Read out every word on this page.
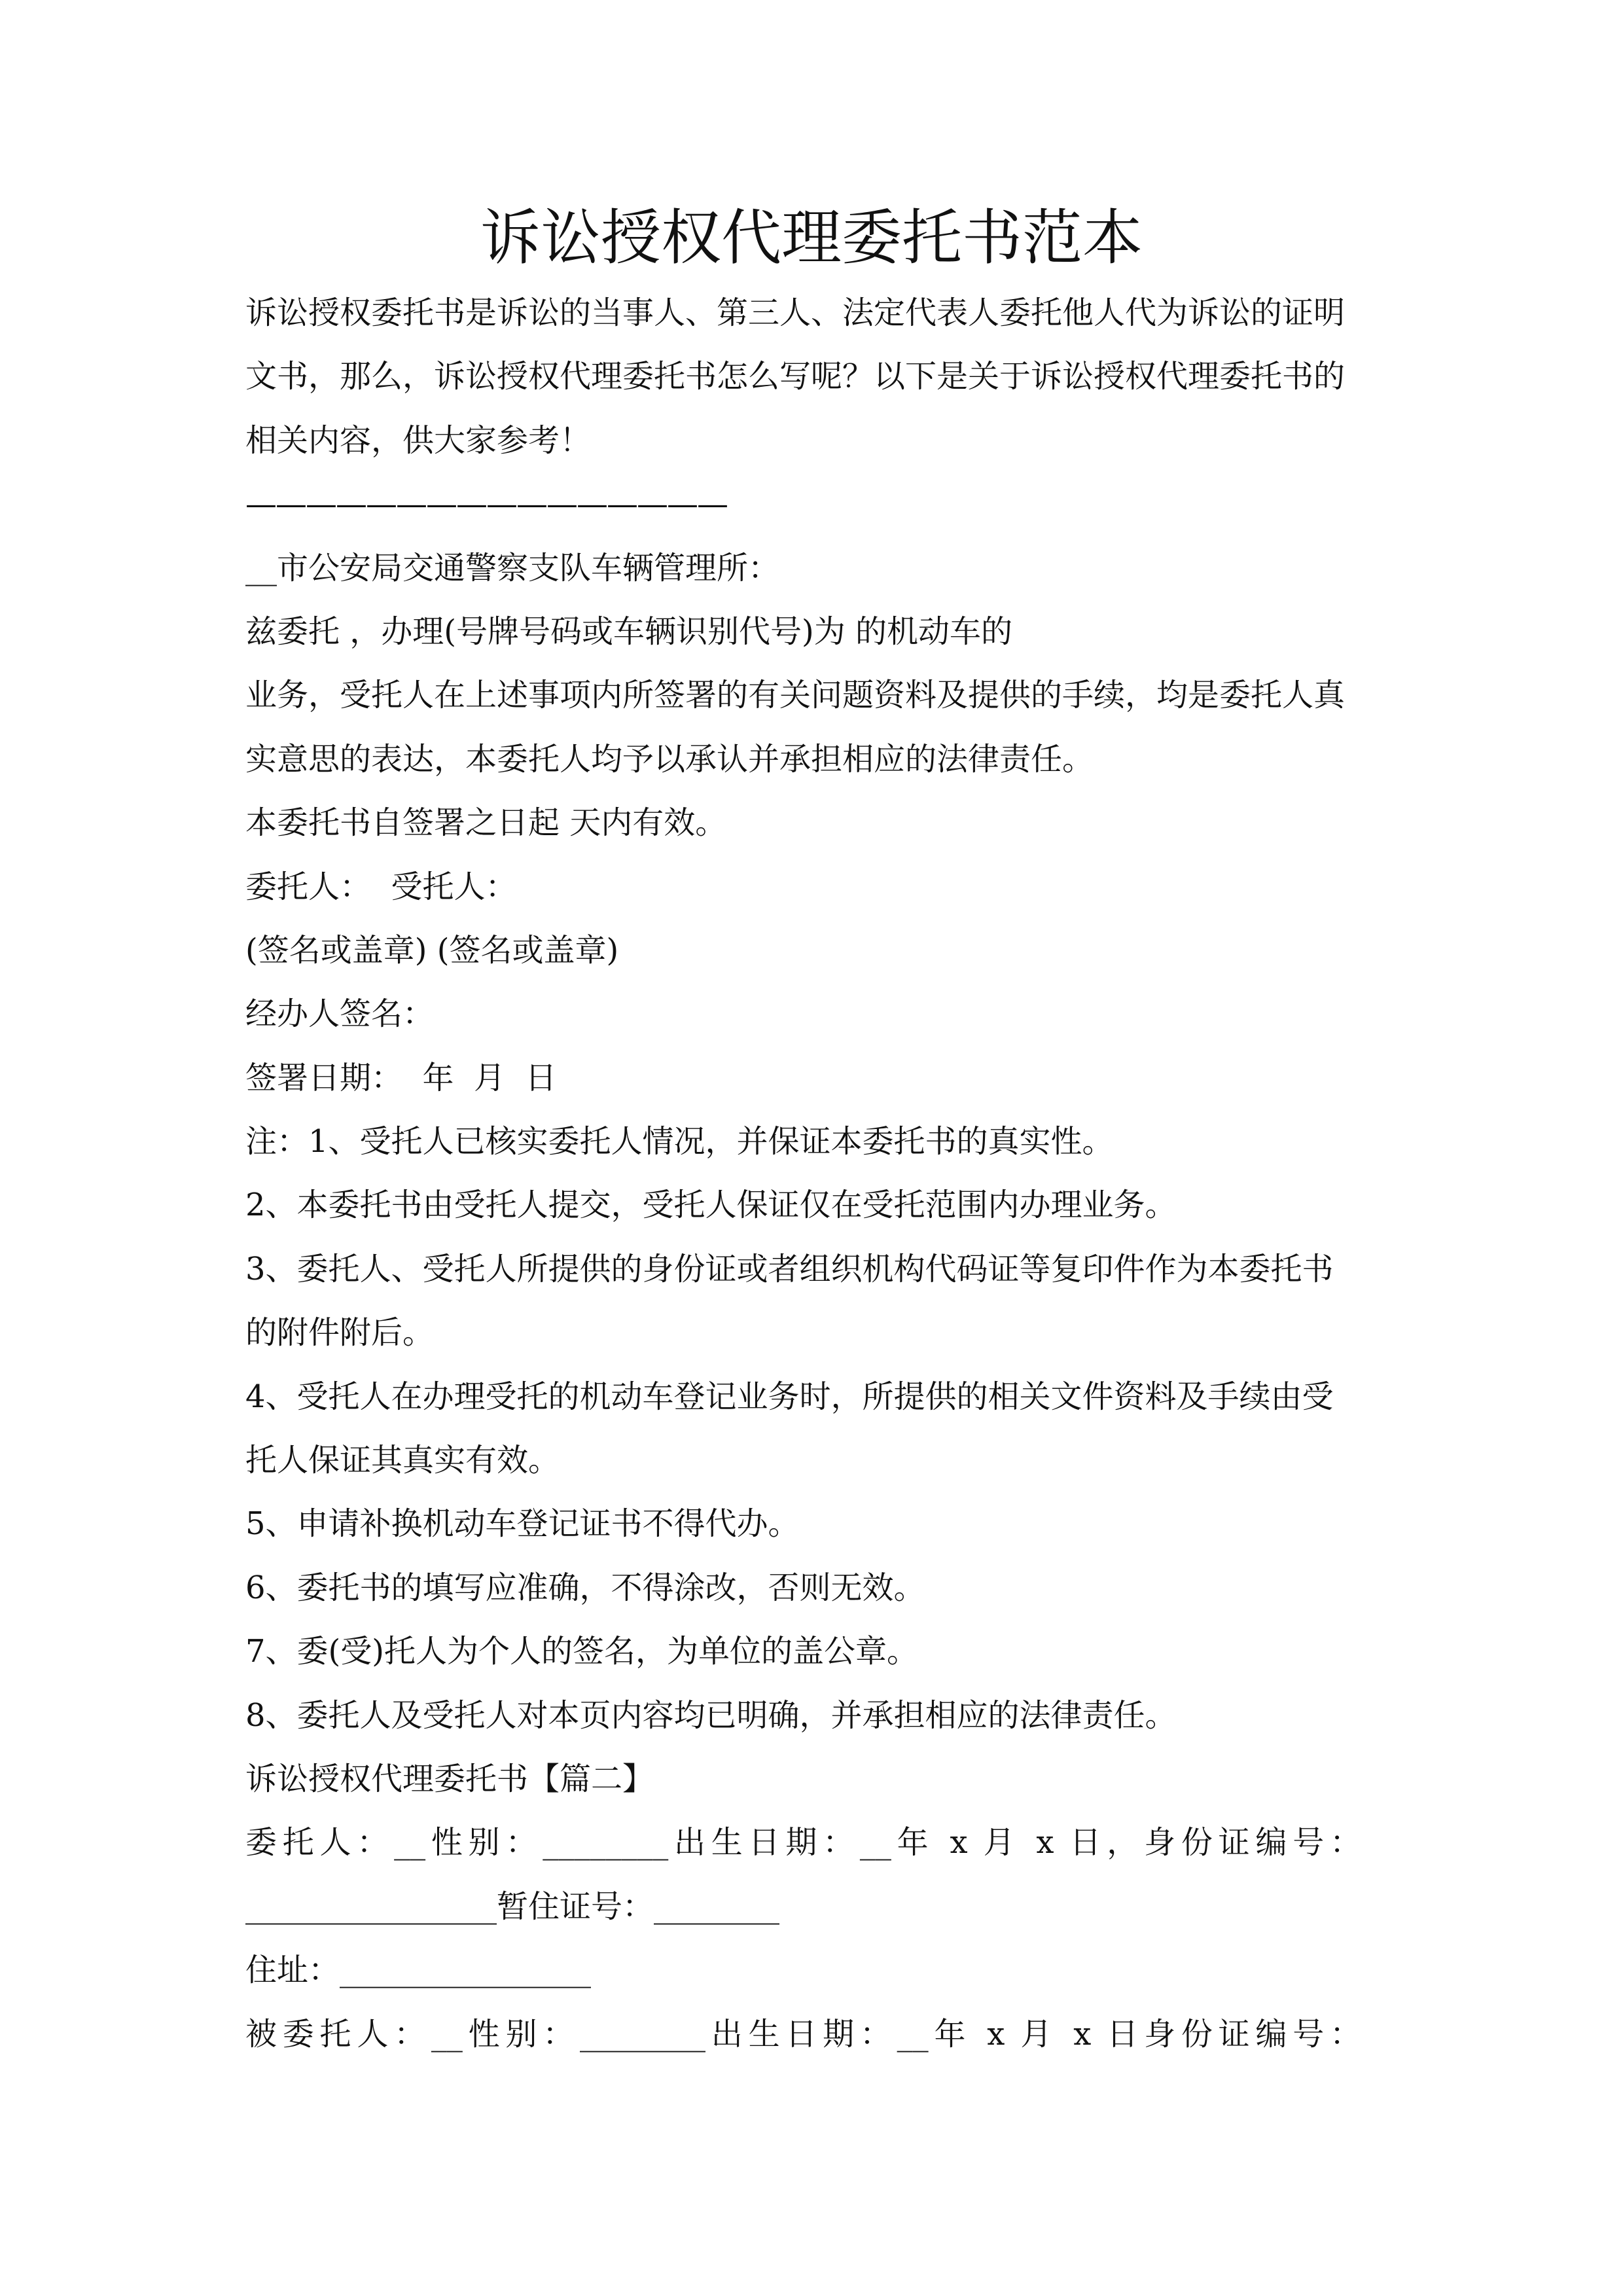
诉讼授权代理委托书范本
诉讼授权委托书是诉讼的当事人、第三人、法定代表人委托他人代为诉讼的证明
文书，那么，诉讼授权代理委托书怎么写呢？以下是关于诉讼授权代理委托书的
相关内容，供大家参考！
————————————————
__市公安局交通警察支队车辆管理所：
兹委托 ，办理(号牌号码或车辆识别代号)为 的机动车的
业务，受托人在上述事项内所签署的有关问题资料及提供的手续，均是委托人真
实意思的表达，本委托人均予以承认并承担相应的法律责任。
本委托书自签署之日起 天内有效。
委托人：  受托人：
(签名或盖章) (签名或盖章)
经办人签名：
签署日期：  年  月  日
注：1、受托人已核实委托人情况，并保证本委托书的真实性。
2、本委托书由受托人提交，受托人保证仅在受托范围内办理业务。
3、委托人、受托人所提供的身份证或者组织机构代码证等复印件作为本委托书
的附件附后。
4、受托人在办理受托的机动车登记业务时，所提供的相关文件资料及手续由受
托人保证其真实有效。
5、申请补换机动车登记证书不得代办。
6、委托书的填写应准确，不得涂改，否则无效。
7、委(受)托人为个人的签名，为单位的盖公章。
8、委托人及受托人对本页内容均已明确，并承担相应的法律责任。
诉讼授权代理委托书【篇二】
委托人：__性别：________出生日期：__年 x 月 x 日，身份证编号：
________________暂住证号：________
住址：________________
被委托人：__性别：________出生日期：__年 x 月 x 日身份证编号：
